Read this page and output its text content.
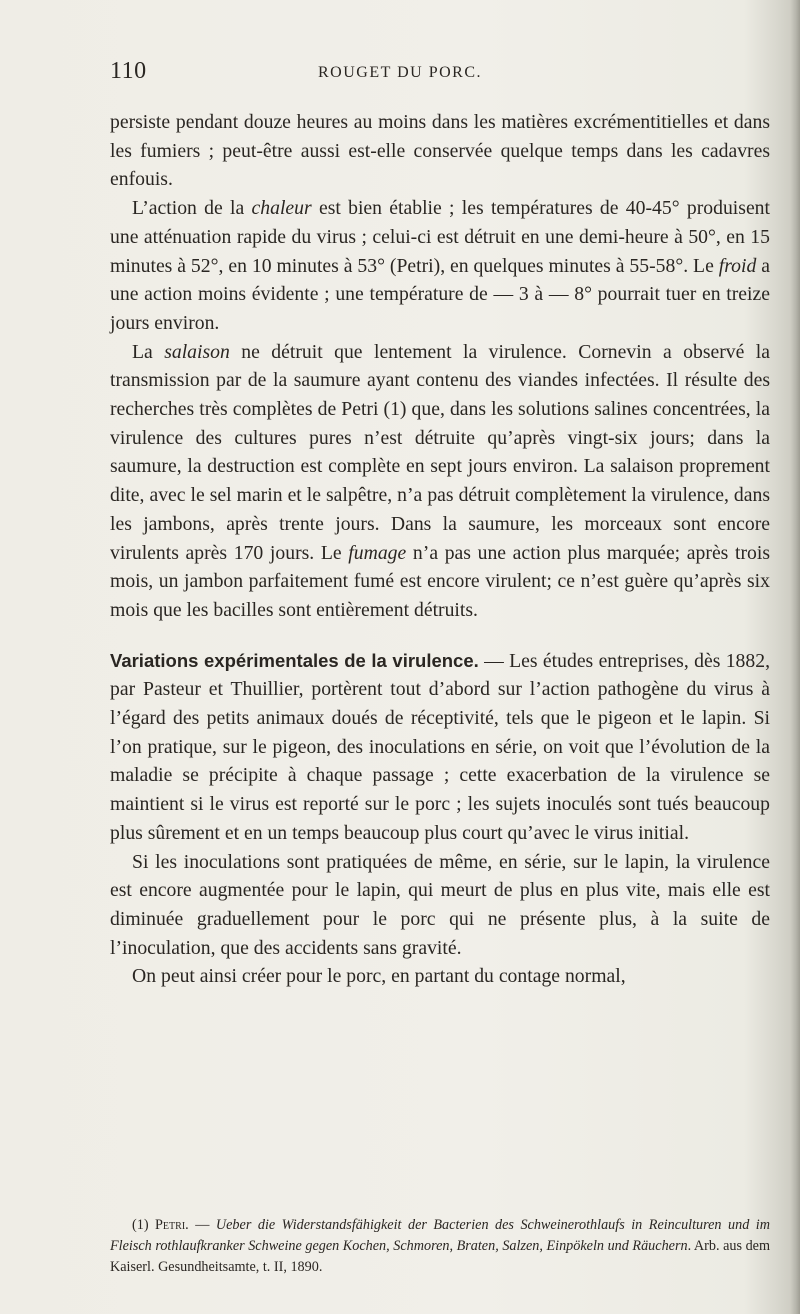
110	ROUGET DU PORC.

persiste pendant douze heures au moins dans les matières excrémentitielles et dans les fumiers ; peut-être aussi est-elle conservée quelque temps dans les cadavres enfouis.

L’action de la chaleur est bien établie ; les températures de 40-45° produisent une atténuation rapide du virus ; celui-ci est détruit en une demi-heure à 50°, en 15 minutes à 52°, en 10 minutes à 53° (Petri), en quelques minutes à 55-58°. Le froid a une action moins évidente ; une température de — 3 à — 8° pourrait tuer en treize jours environ.

La salaison ne détruit que lentement la virulence. Cornevin a observé la transmission par de la saumure ayant contenu des viandes infectées. Il résulte des recherches très complètes de Petri (1) que, dans les solutions salines concentrées, la virulence des cultures pures n’est détruite qu’après vingt-six jours; dans la saumure, la destruction est complète en sept jours environ. La salaison proprement dite, avec le sel marin et le salpêtre, n’a pas détruit complètement la virulence, dans les jambons, après trente jours. Dans la saumure, les morceaux sont encore virulents après 170 jours. Le fumage n’a pas une action plus marquée; après trois mois, un jambon parfaitement fumé est encore virulent; ce n’est guère qu’après six mois que les bacilles sont entièrement détruits.

Variations expérimentales de la virulence. — Les études entreprises, dès 1882, par Pasteur et Thuillier, portèrent tout d’abord sur l’action pathogène du virus à l’égard des petits animaux doués de réceptivité, tels que le pigeon et le lapin. Si l’on pratique, sur le pigeon, des inoculations en série, on voit que l’évolution de la maladie se précipite à chaque passage ; cette exacerbation de la virulence se maintient si le virus est reporté sur le porc ; les sujets inoculés sont tués beaucoup plus sûrement et en un temps beaucoup plus court qu’avec le virus initial.

Si les inoculations sont pratiquées de même, en série, sur le lapin, la virulence est encore augmentée pour le lapin, qui meurt de plus en plus vite, mais elle est diminuée graduellement pour le porc qui ne présente plus, à la suite de l’inoculation, que des accidents sans gravité.

On peut ainsi créer pour le porc, en partant du contage normal,

(1) Petri. — Ueber die Widerstandsfähigkeit der Bacterien des Schweinerothlaufs in Reinculturen und im Fleisch rothlaufkranker Schweine gegen Kochen, Schmoren, Braten, Salzen, Einpökeln und Räuchern. Arb. aus dem Kaiserl. Gesundheitsamte, t. II, 1890.
